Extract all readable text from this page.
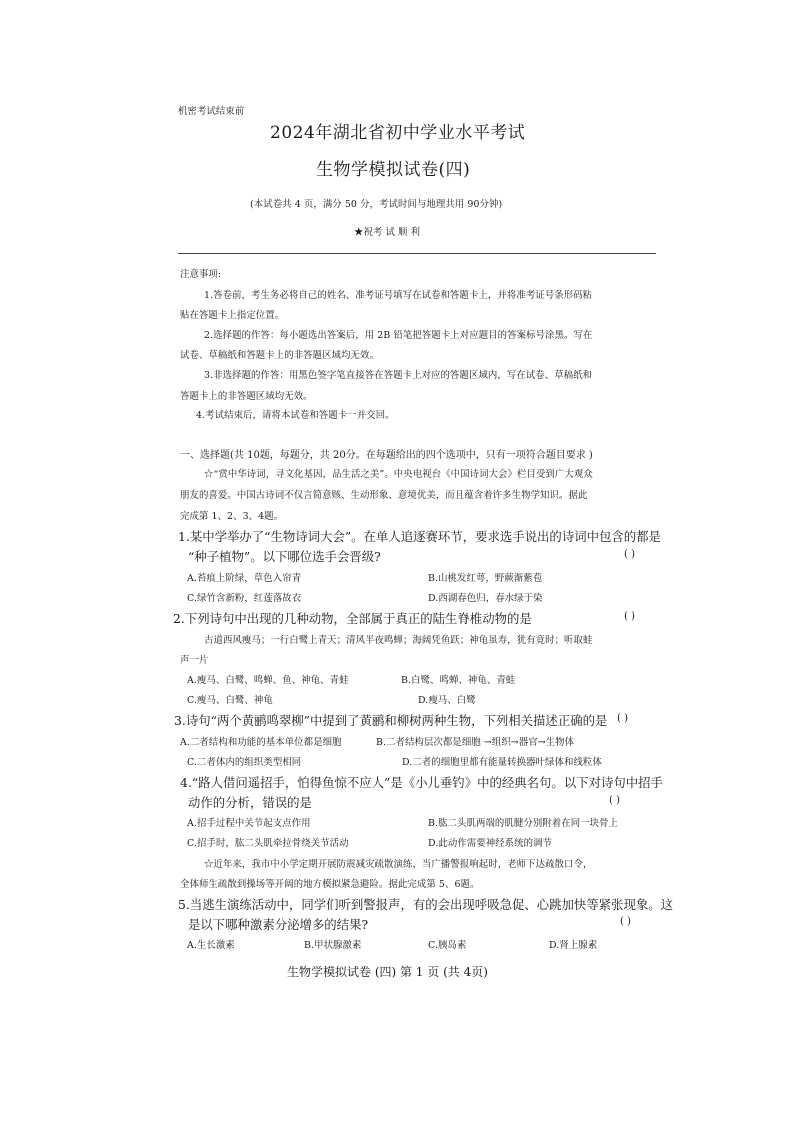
机密考试结束前
2024年湖北省初中学业水平考试
生物学模拟试卷(四)
(本试卷共 4 页，满分 50 分，考试时间与地理共用 90分钟)
★祝考 试 顺 利
注意事项:
1.答卷前，考生务必将自己的姓名、准考证号填写在试卷和答题卡上，并将准考证号条形码粘
贴在答题卡上指定位置。
2.选择题的作答：每小题选出答案后，用 2B 铅笔把答题卡上对应题目的答案标号涂黑。写在
试卷、草稿纸和答题卡上的非答题区域均无效。
3.非选择题的作答：用黑色签字笔直接答在答题卡上对应的答题区域内，写在试卷、草稿纸和
答题卡上的非答题区域均无效。
4.考试结束后，请将本试卷和答题卡一并交回。
一、选择题(共 10题，每题分，共 20分。在每题给出的四个选项中，只有一项符合题目要求 )
☆“赏中华诗词，寻文化基因，品生活之美”。中央电视台《中国诗词大会》栏目受到广大观众
朋友的喜爱。中国古诗词不仅言简意赅、生动形象、意境优美，而且蕴含着许多生物学知识。据此
完成第 1、2、3、4题。
1.某中学举办了“生物诗词大会”。在单人追逐赛环节，要求选手说出的诗词中包含的都是
“种子植物”。以下哪位选手会晋级?	( )
A.苔痕上阶绿，草色入帘青	B.山桃发红萼，野蕨渐紫苞
C.绿竹含新粉，红莲落故衣	D.西湖春色归，春水绿于染
2.下列诗句中出现的几种动物，全部属于真正的陆生脊椎动物的是	( )
古道西风瘦马；一行白鹭上青天；清风半夜鸣蝉；海阔凭鱼跃；神龟虽寿，犹有竟时；听取蛙
声一片
A.瘦马、白鹭、鸣蝉、鱼、神龟、青蛙	B.白鹭、鸣蝉、神龟、青蛙
C.瘦马、白鹭、神龟	D.瘦马、白鹭
3.诗句“两个黄鹂鸣翠柳”中提到了黄鹂和柳树两种生物，下列相关描述正确的是 ( )
A.二者结构和功能的基本单位都是细胞	B.二者结构层次都是细胞 →组织→器官→生物体
C.二者体内的组织类型相同	D.二者的细胞里都有能量转换器叶绿体和线粒体
4.“路人借问遥招手，怕得鱼惊不应人”是《小儿垂钓》中的经典名句。以下对诗句中招手
动作的分析，错误的是	( )
A.招手过程中关节起支点作用	B.肱二头肌两端的肌腱分别附着在同一块骨上
C.招手时，肱二头肌牵拉骨绕关节活动	D.此动作需要神经系统的调节
☆近年来，我市中小学定期开展防震减灾疏散演练，当广播警报响起时，老师下达疏散口令，
全体师生疏散到操场等开阔的地方模拟紧急避险。据此完成第 5、6题。
5.当逃生演练活动中，同学们听到警报声，有的会出现呼吸急促、心跳加快等紧张现象。这
是以下哪种激素分泌增多的结果?	( )
A.生长激素	B.甲状腺激素	C.胰岛素	D.肾上腺素
生物学模拟试卷 (四) 第 1 页 (共 4页)
